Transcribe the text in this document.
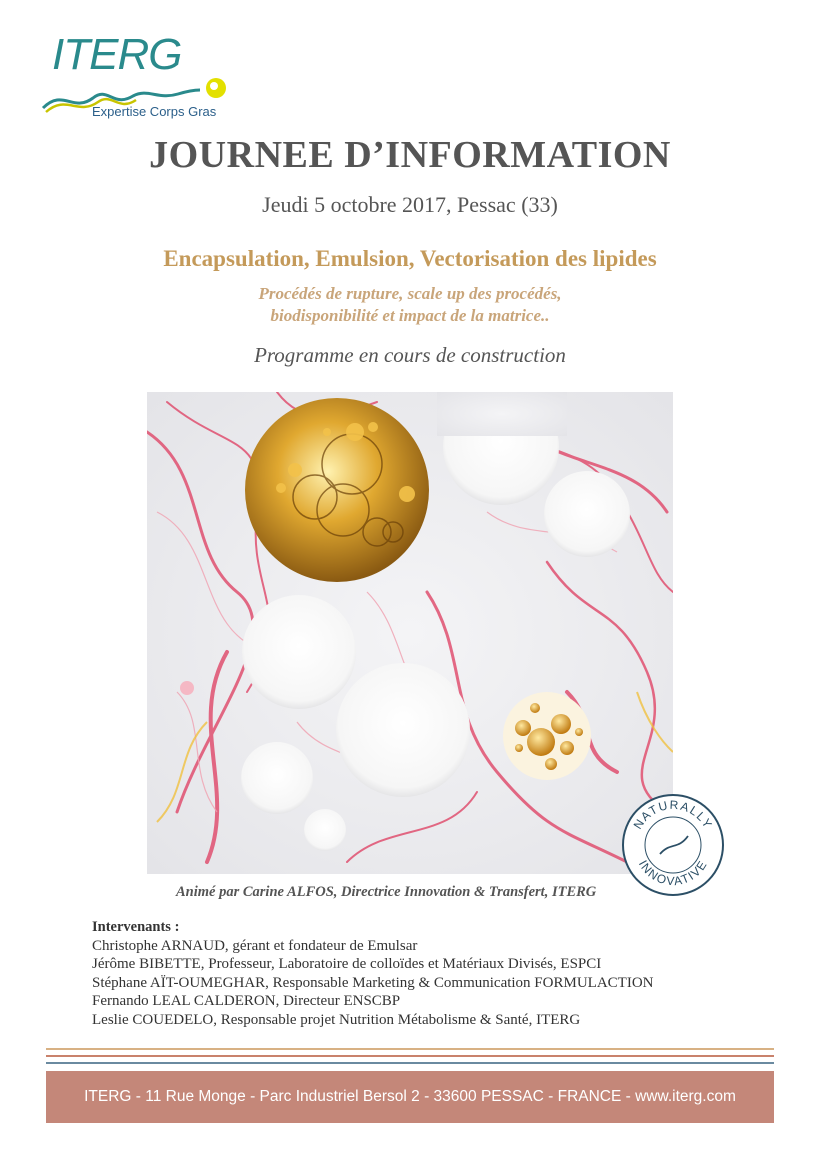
ITERG
Expertise Corps Gras
JOURNEE D’INFORMATION
Jeudi 5 octobre 2017, Pessac (33)
Encapsulation, Emulsion, Vectorisation des lipides
Procédés de rupture, scale up des procédés,
biodisponibilité et impact de la matrice..
Programme en cours de construction
NATURALLY
INNOVATIVE
Animé par Carine ALFOS, Directrice Innovation & Transfert, ITERG
Intervenants :
Christophe ARNAUD, gérant et fondateur de Emulsar
Jérôme BIBETTE, Professeur, Laboratoire de colloïdes et Matériaux Divisés, ESPCI
Stéphane AÏT-OUMEGHAR, Responsable Marketing & Communication FORMULACTION
Fernando LEAL CALDERON, Directeur ENSCBP
Leslie COUEDELO, Responsable projet Nutrition Métabolisme & Santé, ITERG
ITERG - 11 Rue Monge - Parc Industriel Bersol 2 - 33600 PESSAC - FRANCE - www.iterg.com
